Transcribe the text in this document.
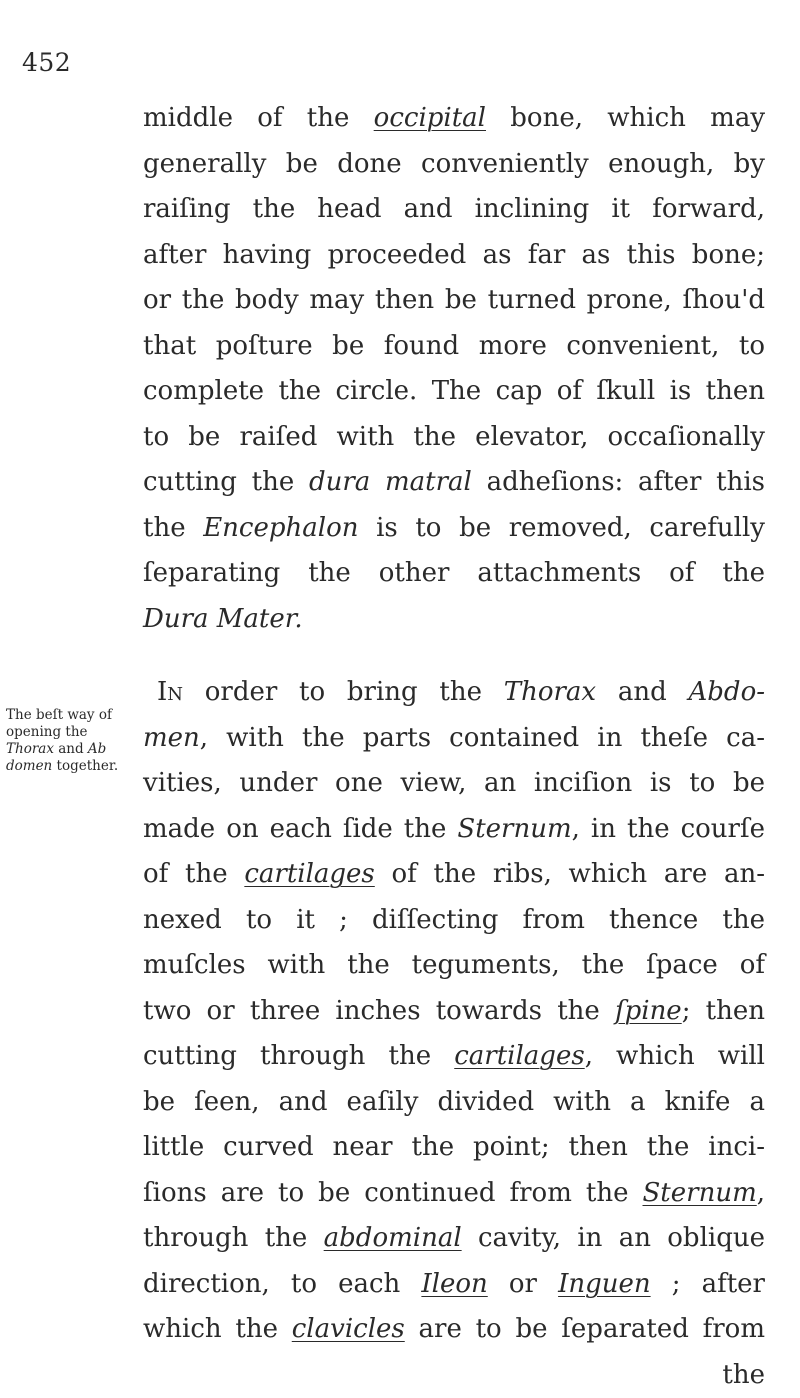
452
The beſt way of
opening the
Thorax and Ab
domen together.
middle of the occipital bone, which may
generally be done conveniently enough, by
raiſing the head and inclining it forward,
after having proceeded as far as this bone;
or the body may then be turned prone, ſhou'd
that poſture be found more convenient, to
complete the circle. The cap of ſkull is then
to be raiſed with the elevator, occaſionally
cutting the dura matral adheſions: after this
the Encephalon is to be removed, carefully
ſeparating the other attachments of the
Dura Mater.
In order to bring the Thorax and Abdo-
men, with the parts contained in theſe ca-
vities, under one view, an inciſion is to be
made on each ſide the Sternum, in the courſe
of the cartilages of the ribs, which are an-
nexed to it ; diſſecting from thence the
muſcles with the teguments, the ſpace of
two or three inches towards the ſpine; then
cutting through the cartilages, which will
be ſeen, and eaſily divided with a knife a
little curved near the point; then the inci-
ſions are to be continued from the Sternum,
through the abdominal cavity, in an oblique
direction, to each Ileon or Inguen ; after
which the clavicles are to be ſeparated from
the
